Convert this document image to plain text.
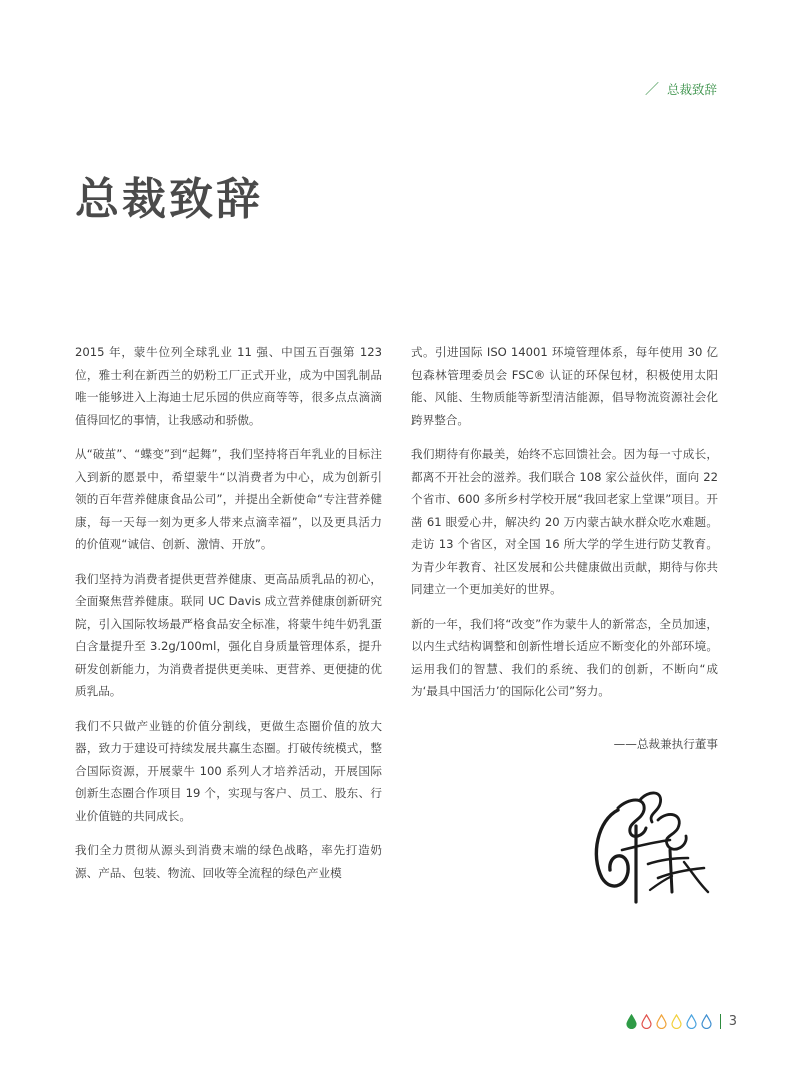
／ 总裁致辞
总裁致辞

2015 年，蒙牛位列全球乳业 11 强、中国五百强第 123 位，雅士利在新西兰的奶粉工厂正式开业，成为中国乳制品唯一能够进入上海迪士尼乐园的供应商等等，很多点点滴滴值得回忆的事情，让我感动和骄傲。

从“破茧”、“蝶变”到“起舞”，我们坚持将百年乳业的目标注入到新的愿景中，希望蒙牛“以消费者为中心，成为创新引领的百年营养健康食品公司”，并提出全新使命“专注营养健康，每一天每一刻为更多人带来点滴幸福”，以及更具活力的价值观“诚信、创新、激情、开放”。

我们坚持为消费者提供更营养健康、更高品质乳品的初心，全面聚焦营养健康。联同 UC Davis 成立营养健康创新研究院，引入国际牧场最严格食品安全标准，将蒙牛纯牛奶乳蛋白含量提升至 3.2g/100ml，强化自身质量管理体系，提升研发创新能力，为消费者提供更美味、更营养、更便捷的优质乳品。

我们不只做产业链的价值分割线，更做生态圈价值的放大器，致力于建设可持续发展共赢生态圈。打破传统模式，整合国际资源，开展蒙牛 100 系列人才培养活动，开展国际创新生态圈合作项目 19 个，实现与客户、员工、股东、行业价值链的共同成长。

我们全力贯彻从源头到消费末端的绿色战略，率先打造奶源、产品、包装、物流、回收等全流程的绿色产业模

式。引进国际 ISO 14001 环境管理体系，每年使用 30 亿包森林管理委员会 FSC® 认证的环保包材，积极使用太阳能、风能、生物质能等新型清洁能源，倡导物流资源社会化跨界整合。

我们期待有你最美，始终不忘回馈社会。因为每一寸成长，都离不开社会的滋养。我们联合 108 家公益伙伴，面向 22 个省市、600 多所乡村学校开展“我回老家上堂课”项目。开凿 61 眼爱心井，解决约 20 万内蒙古缺水群众吃水难题。走访 13 个省区，对全国 16 所大学的学生进行防艾教育。为青少年教育、社区发展和公共健康做出贡献，期待与你共同建立一个更加美好的世界。

新的一年，我们将“改变”作为蒙牛人的新常态，全员加速，以内生式结构调整和创新性增长适应不断变化的外部环境。运用我们的智慧、我们的系统、我们的创新，不断向“成为‘最具中国活力’的国际化公司”努力。

——总裁兼执行董事
3
